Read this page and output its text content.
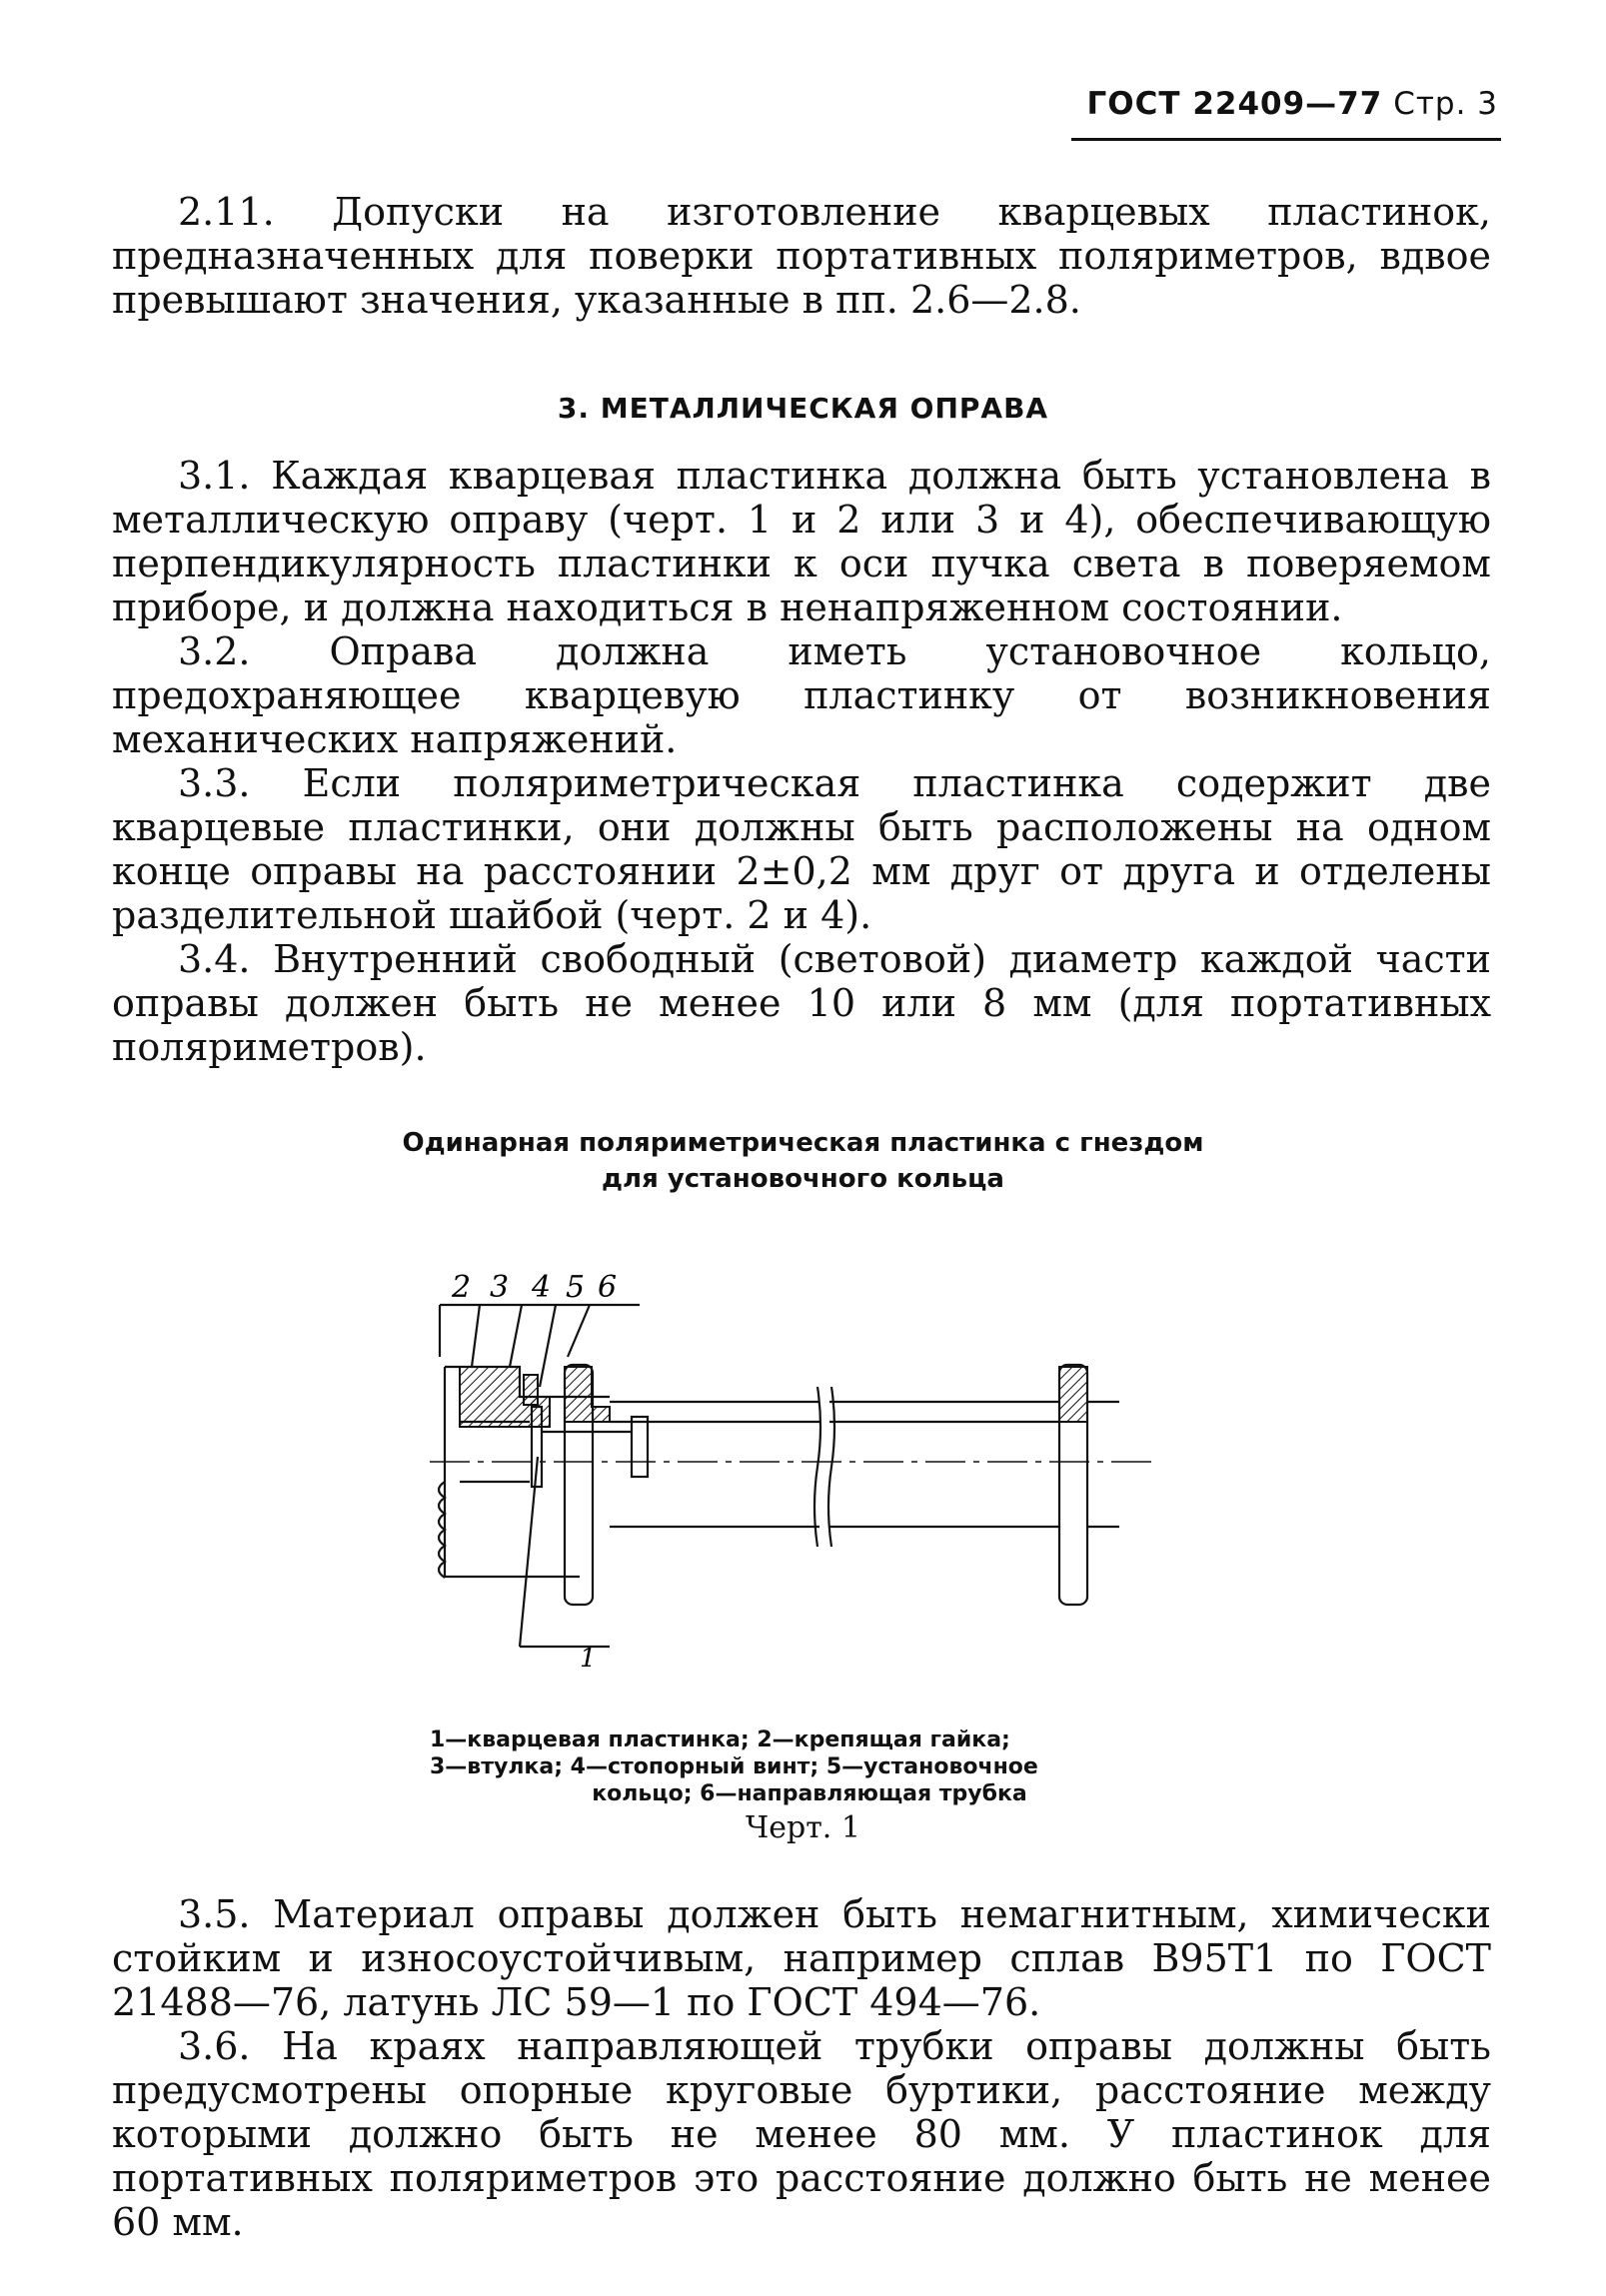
ГОСТ 22409—77 Стр. 3

2.11. Допуски на изготовление кварцевых пластинок, предназначенных для поверки портативных поляриметров, вдвое превышают значения, указанные в пп. 2.6—2.8.

3. МЕТАЛЛИЧЕСКАЯ ОПРАВА

3.1. Каждая кварцевая пластинка должна быть установлена в металлическую оправу (черт. 1 и 2 или 3 и 4), обеспечивающую перпендикулярность пластинки к оси пучка света в поверяемом приборе, и должна находиться в ненапряженном состоянии.

3.2. Оправа должна иметь установочное кольцо, предохраняющее кварцевую пластинку от возникновения механических напряжений.

3.3. Если поляриметрическая пластинка содержит две кварцевые пластинки, они должны быть расположены на одном конце оправы на расстоянии 2±0,2 мм друг от друга и отделены разделительной шайбой (черт. 2 и 4).

3.4. Внутренний свободный (световой) диаметр каждой части оправы должен быть не менее 10 или 8 мм (для портативных поляриметров).

Одинарная поляриметрическая пластинка с гнездом
для установочного кольца
2 3 4 5 6
1
1—кварцевая пластинка; 2—крепящая гайка;
3—втулка; 4—стопорный винт; 5—установочное
кольцо; 6—направляющая трубка
Черт. 1

3.5. Материал оправы должен быть немагнитным, химически стойким и износоустойчивым, например сплав В95Т1 по ГОСТ 21488—76, латунь ЛС 59—1 по ГОСТ 494—76.

3.6. На краях направляющей трубки оправы должны быть предусмотрены опорные круговые буртики, расстояние между которыми должно быть не менее 80 мм. У пластинок для портативных поляриметров это расстояние должно быть не менее 60 мм.
